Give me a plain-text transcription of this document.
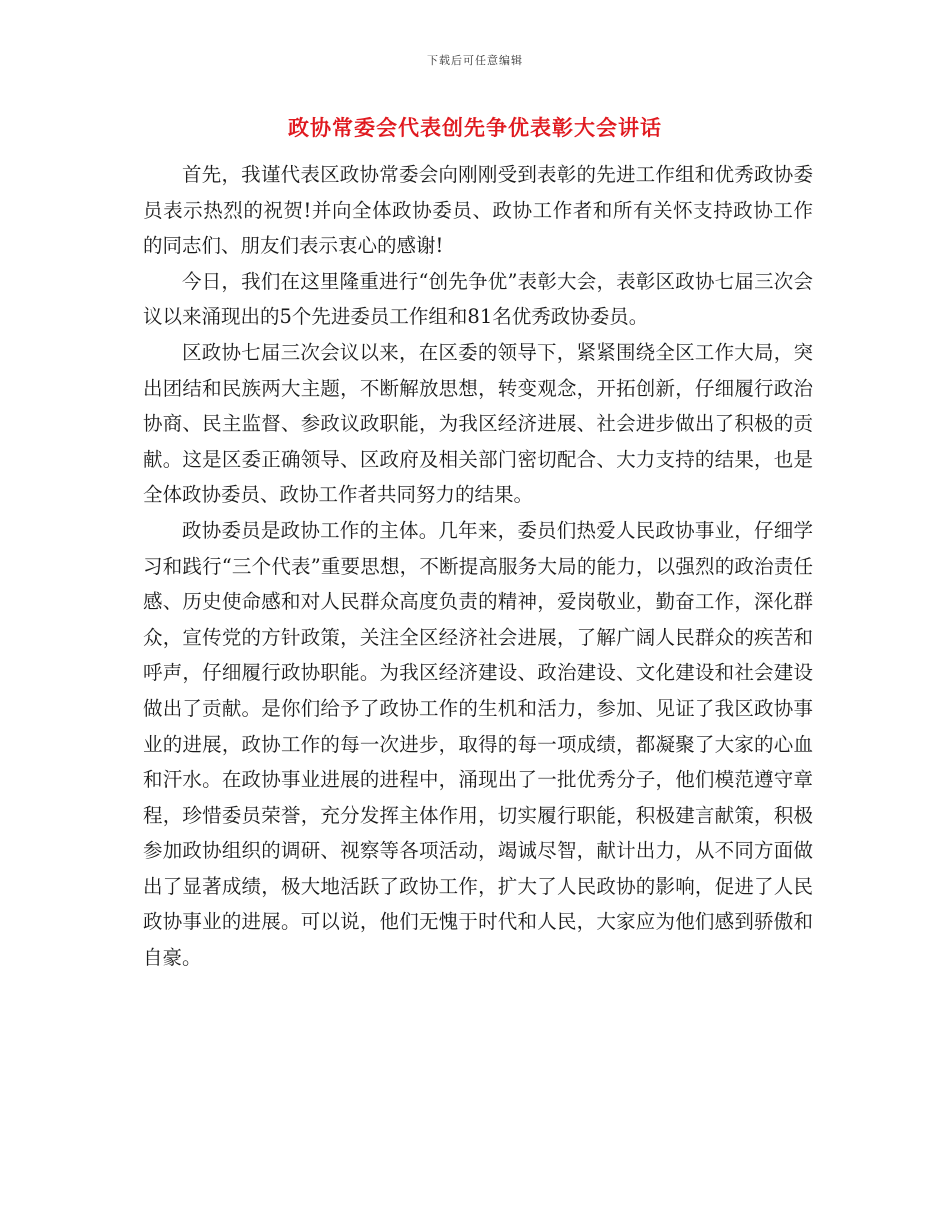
下载后可任意编辑
政协常委会代表创先争优表彰大会讲话

首先，我谨代表区政协常委会向刚刚受到表彰的先进工作组和优秀政协委员表示热烈的祝贺!并向全体政协委员、政协工作者和所有关怀支持政协工作的同志们、朋友们表示衷心的感谢!

今日，我们在这里隆重进行“创先争优”表彰大会，表彰区政协七届三次会议以来涌现出的5个先进委员工作组和81名优秀政协委员。

区政协七届三次会议以来，在区委的领导下，紧紧围绕全区工作大局，突出团结和民族两大主题，不断解放思想，转变观念，开拓创新，仔细履行政治协商、民主监督、参政议政职能，为我区经济进展、社会进步做出了积极的贡献。这是区委正确领导、区政府及相关部门密切配合、大力支持的结果，也是全体政协委员、政协工作者共同努力的结果。

政协委员是政协工作的主体。几年来，委员们热爱人民政协事业，仔细学习和践行“三个代表”重要思想，不断提高服务大局的能力，以强烈的政治责任感、历史使命感和对人民群众高度负责的精神，爱岗敬业，勤奋工作，深化群众，宣传党的方针政策，关注全区经济社会进展，了解广阔人民群众的疾苦和呼声，仔细履行政协职能。为我区经济建设、政治建设、文化建设和社会建设做出了贡献。是你们给予了政协工作的生机和活力，参加、见证了我区政协事业的进展，政协工作的每一次进步，取得的每一项成绩，都凝聚了大家的心血和汗水。在政协事业进展的进程中，涌现出了一批优秀分子，他们模范遵守章程，珍惜委员荣誉，充分发挥主体作用，切实履行职能，积极建言献策，积极参加政协组织的调研、视察等各项活动，竭诚尽智，献计出力，从不同方面做出了显著成绩，极大地活跃了政协工作，扩大了人民政协的影响，促进了人民政协事业的进展。可以说，他们无愧于时代和人民，大家应为他们感到骄傲和自豪。
